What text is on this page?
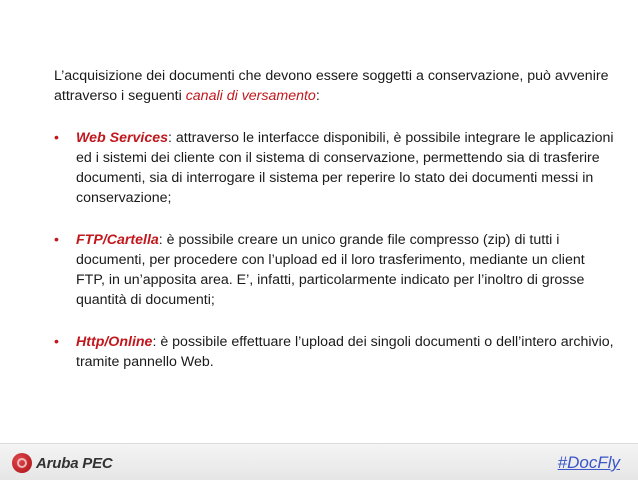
L’acquisizione dei documenti che devono essere soggetti a conservazione, può avvenire attraverso i seguenti canali di versamento:

• Web Services: attraverso le interfacce disponibili, è possibile integrare le applicazioni ed i sistemi dei cliente con il sistema di conservazione, permettendo sia di trasferire documenti, sia di interrogare il sistema per reperire lo stato dei documenti messi in conservazione;
• FTP/Cartella: è possibile creare un unico grande file compresso (zip) di tutti i documenti, per procedere con l’upload ed il loro trasferimento, mediante un client FTP, in un’apposita area. E’, infatti, particolarmente indicato per l’inoltro di grosse quantità di documenti;
• Http/Online: è possibile effettuare l’upload dei singoli documenti o dell’intero archivio, tramite pannello Web.
Aruba PEC	#DocFly
